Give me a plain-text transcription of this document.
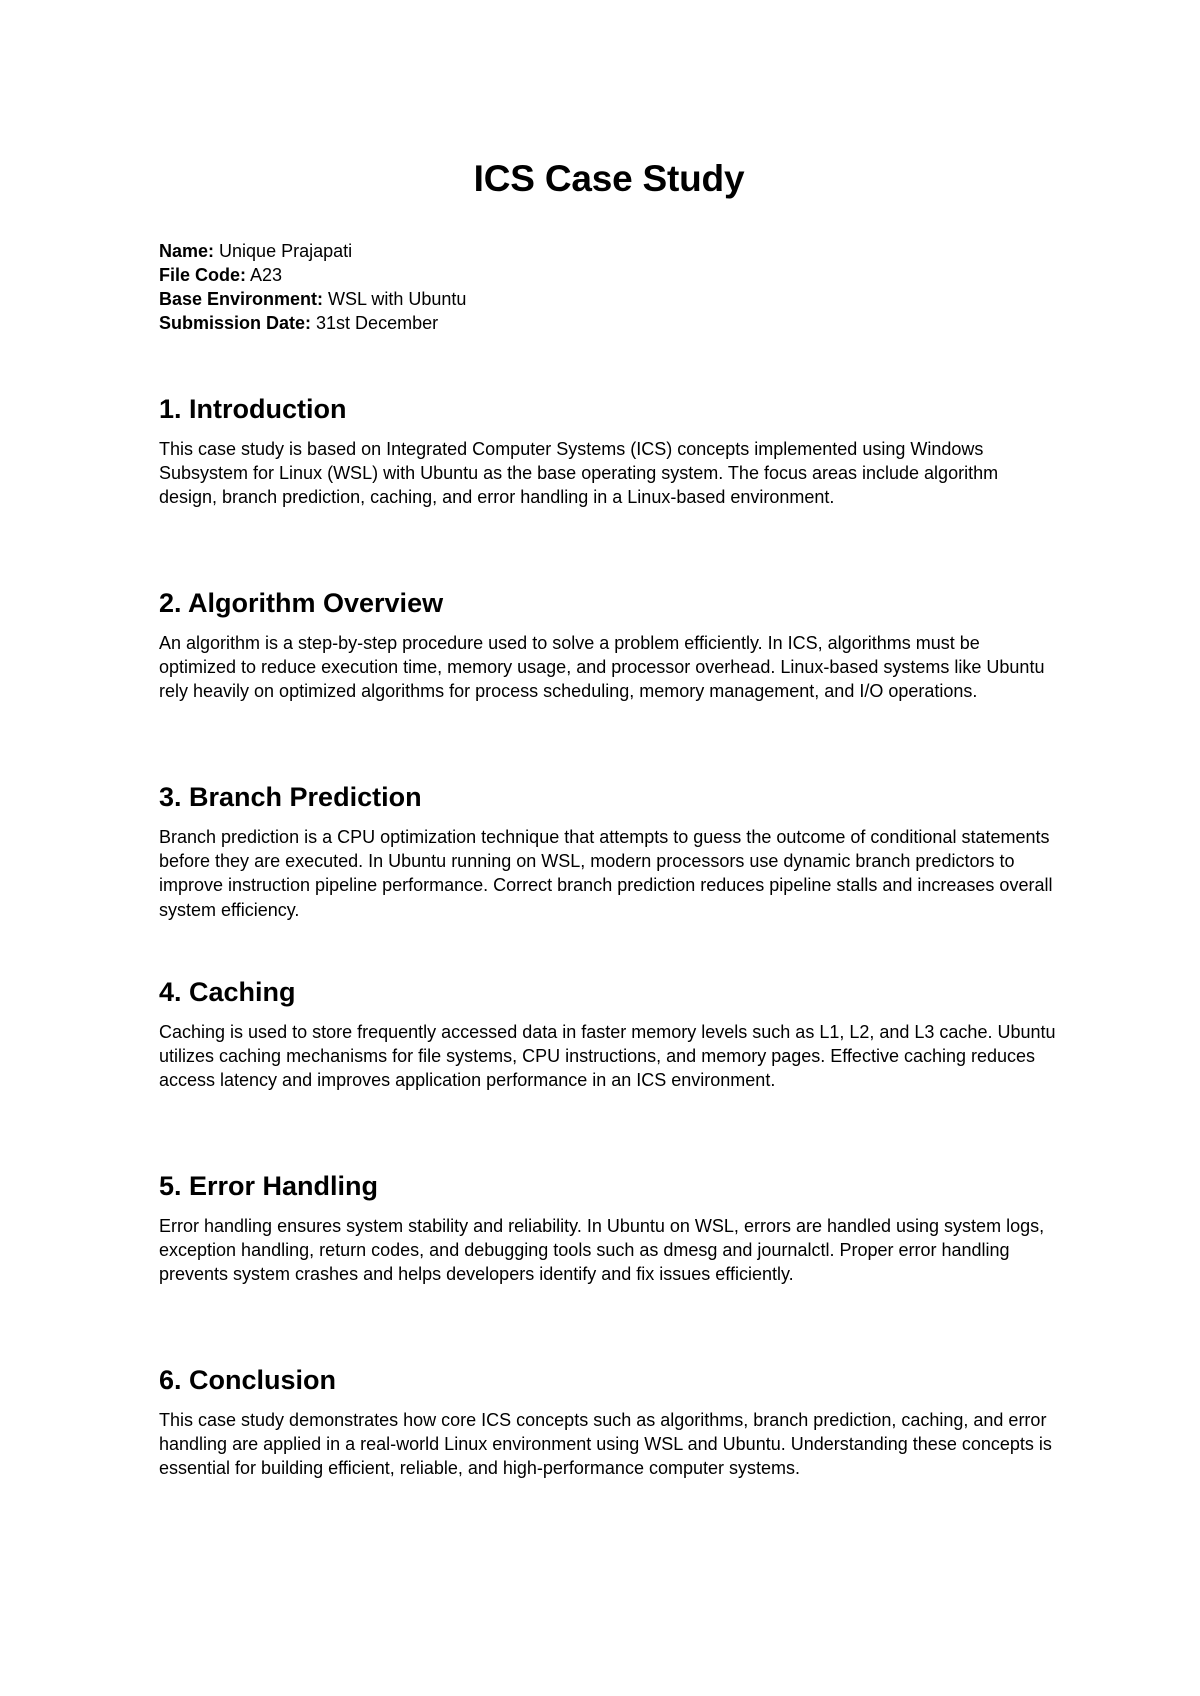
ICS Case Study

Name: Unique Prajapati

File Code: A23

Base Environment: WSL with Ubuntu

Submission Date: 31st December

1. Introduction

This case study is based on Integrated Computer Systems (ICS) concepts implemented using Windows Subsystem for Linux (WSL) with Ubuntu as the base operating system. The focus areas include algorithm design, branch prediction, caching, and error handling in a Linux-based environment.

2. Algorithm Overview

An algorithm is a step-by-step procedure used to solve a problem efficiently. In ICS, algorithms must be optimized to reduce execution time, memory usage, and processor overhead. Linux-based systems like Ubuntu rely heavily on optimized algorithms for process scheduling, memory management, and I/O operations.

3. Branch Prediction

Branch prediction is a CPU optimization technique that attempts to guess the outcome of conditional statements before they are executed. In Ubuntu running on WSL, modern processors use dynamic branch predictors to improve instruction pipeline performance. Correct branch prediction reduces pipeline stalls and increases overall system efficiency.

4. Caching

Caching is used to store frequently accessed data in faster memory levels such as L1, L2, and L3 cache. Ubuntu utilizes caching mechanisms for file systems, CPU instructions, and memory pages. Effective caching reduces access latency and improves application performance in an ICS environment.

5. Error Handling

Error handling ensures system stability and reliability. In Ubuntu on WSL, errors are handled using system logs, exception handling, return codes, and debugging tools such as dmesg and journalctl. Proper error handling prevents system crashes and helps developers identify and fix issues efficiently.

6. Conclusion

This case study demonstrates how core ICS concepts such as algorithms, branch prediction, caching, and error handling are applied in a real-world Linux environment using WSL and Ubuntu. Understanding these concepts is essential for building efficient, reliable, and high-performance computer systems.
